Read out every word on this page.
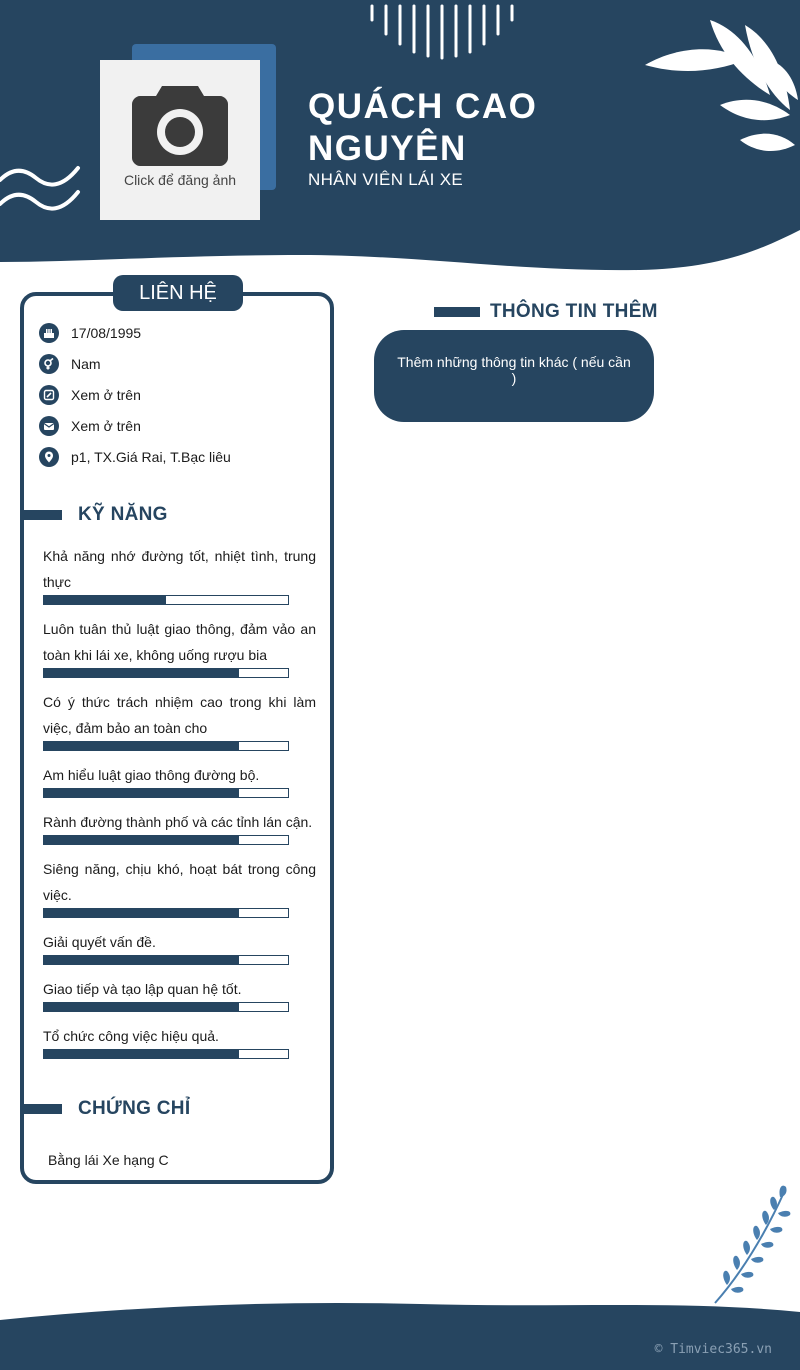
Click để đăng ảnh
QUÁCH CAO NGUYÊN
NHÂN VIÊN LÁI XE
LIÊN HỆ
17/08/1995
Nam
Xem ở trên
Xem ở trên
p1, TX.Giá Rai, T.Bạc liêu
KỸ NĂNG
Khả năng nhớ đường tốt, nhiệt tình, trung thực
Luôn tuân thủ luật giao thông, đảm vảo an toàn khi lái xe, không uống rượu bia
Có ý thức trách nhiệm cao trong khi làm việc, đảm bảo an toàn cho
Am hiểu luật giao thông đường bộ.
Rành đường thành phố và các tỉnh lán cận.
Siêng năng, chịu khó, hoạt bát trong công việc.
Giải quyết vấn đề.
Giao tiếp và tạo lập quan hệ tốt.
Tổ chức công việc hiệu quả.
CHỨNG CHỈ
Bằng lái Xe hạng C
THÔNG TIN THÊM
Thêm những thông tin khác ( nếu cần )
© Timviec365.vn
